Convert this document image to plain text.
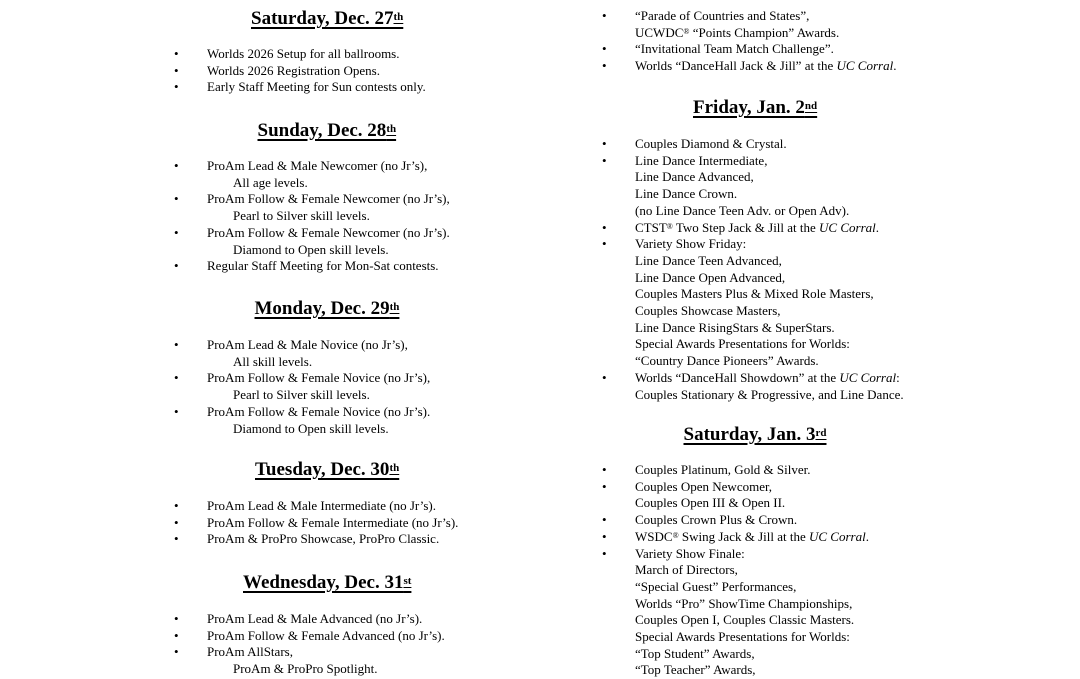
Saturday, Dec. 27th
• Worlds 2026 Setup for all ballrooms.
• Worlds 2026 Registration Opens.
• Early Staff Meeting for Sun contests only.
Sunday, Dec. 28th
• ProAm Lead & Male Newcomer (no Jr’s),
All age levels.
• ProAm Follow & Female Newcomer (no Jr’s),
Pearl to Silver skill levels.
• ProAm Follow & Female Newcomer (no Jr’s).
Diamond to Open skill levels.
• Regular Staff Meeting for Mon-Sat contests.
Monday, Dec. 29th
• ProAm Lead & Male Novice (no Jr’s),
All skill levels.
• ProAm Follow & Female Novice (no Jr’s),
Pearl to Silver skill levels.
• ProAm Follow & Female Novice (no Jr’s).
Diamond to Open skill levels.
Tuesday, Dec. 30th
• ProAm Lead & Male Intermediate (no Jr’s).
• ProAm Follow & Female Intermediate (no Jr’s).
• ProAm & ProPro Showcase, ProPro Classic.
Wednesday, Dec. 31st
• ProAm Lead & Male Advanced (no Jr’s).
• ProAm Follow & Female Advanced (no Jr’s).
• ProAm AllStars,
ProAm & ProPro Spotlight.
• “Parade of Countries and States”,
UCWDC® “Points Champion” Awards.
• “Invitational Team Match Challenge”.
• Worlds “DanceHall Jack & Jill” at the UC Corral.
Friday, Jan. 2nd
• Couples Diamond & Crystal.
• Line Dance Intermediate,
Line Dance Advanced,
Line Dance Crown.
(no Line Dance Teen Adv. or Open Adv).
• CTST® Two Step Jack & Jill at the UC Corral.
• Variety Show Friday:
Line Dance Teen Advanced,
Line Dance Open Advanced,
Couples Masters Plus & Mixed Role Masters,
Couples Showcase Masters,
Line Dance RisingStars & SuperStars.
Special Awards Presentations for Worlds:
“Country Dance Pioneers” Awards.
• Worlds “DanceHall Showdown” at the UC Corral:
Couples Stationary & Progressive, and Line Dance.
Saturday, Jan. 3rd
• Couples Platinum, Gold & Silver.
• Couples Open Newcomer,
Couples Open III & Open II.
• Couples Crown Plus & Crown.
• WSDC® Swing Jack & Jill at the UC Corral.
• Variety Show Finale:
March of Directors,
“Special Guest” Performances,
Worlds “Pro” ShowTime Championships,
Couples Open I, Couples Classic Masters.
Special Awards Presentations for Worlds:
“Top Student” Awards,
“Top Teacher” Awards,
